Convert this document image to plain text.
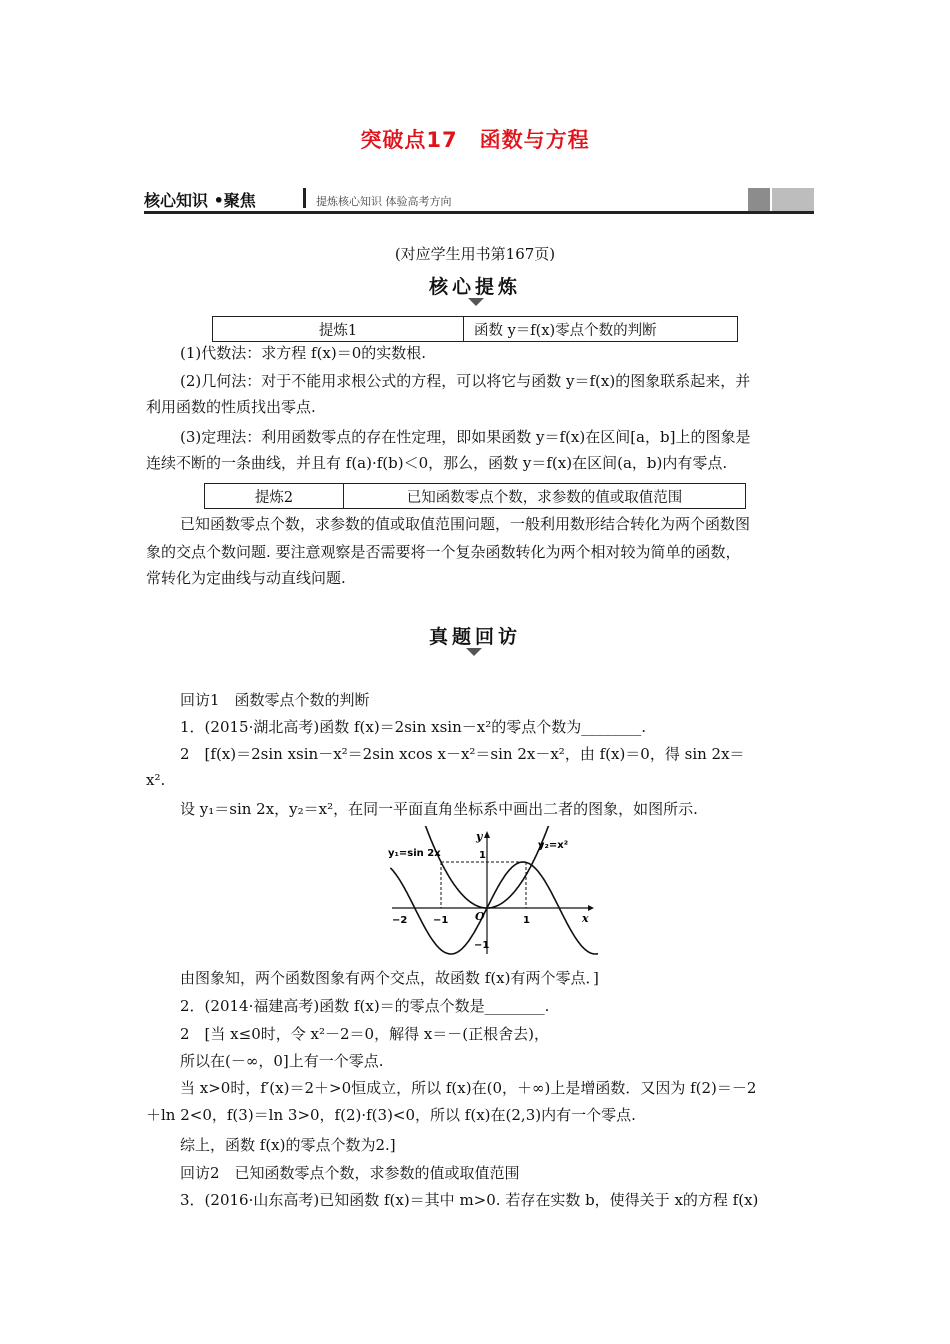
突破点17　函数与方程
核心知识 •聚焦	提炼核心知识 体验高考方向
(对应学生用书第167页)
核心提炼
提炼1	函数 y＝f(x)零点个数的判断
(1)代数法：求方程 f(x)＝0的实数根.
(2)几何法：对于不能用求根公式的方程，可以将它与函数 y＝f(x)的图象联系起来，并
利用函数的性质找出零点.
(3)定理法：利用函数零点的存在性定理，即如果函数 y＝f(x)在区间[a，b]上的图象是
连续不断的一条曲线，并且有 f(a)·f(b)＜0，那么，函数 y＝f(x)在区间(a，b)内有零点.
提炼2	已知函数零点个数，求参数的值或取值范围
已知函数零点个数，求参数的值或取值范围问题，一般利用数形结合转化为两个函数图
象的交点个数问题. 要注意观察是否需要将一个复杂函数转化为两个相对较为简单的函数，
常转化为定曲线与动直线问题.
真题回访
回访1　函数零点个数的判断
1．(2015·湖北高考)函数 f(x)＝2sin xsin－x²的零点个数为________.
2　[f(x)＝2sin xsin－x²＝2sin xcos x－x²＝sin 2x－x²，由 f(x)＝0，得 sin 2x＝
x².
设 y₁＝sin 2x，y₂＝x²，在同一平面直角坐标系中画出二者的图象，如图所示.
y₁=sin 2x
y₂=x²
x
y
O
−2	−1	1
1
−1
由图象知，两个函数图象有两个交点，故函数 f(x)有两个零点．]
2．(2014·福建高考)函数 f(x)＝的零点个数是________.
2　[当 x≤0时，令 x²－2＝0，解得 x＝－(正根舍去)，
所以在(－∞，0]上有一个零点.
当 x>0时，f′(x)＝2＋>0恒成立，所以 f(x)在(0，＋∞)上是增函数．又因为 f(2)＝－2
＋ln 2<0，f(3)＝ln 3>0，f(2)·f(3)<0，所以 f(x)在(2,3)内有一个零点.
综上，函数 f(x)的零点个数为2.]
回访2　已知函数零点个数，求参数的值或取值范围
3．(2016·山东高考)已知函数 f(x)＝其中 m>0. 若存在实数 b，使得关于 x的方程 f(x)
